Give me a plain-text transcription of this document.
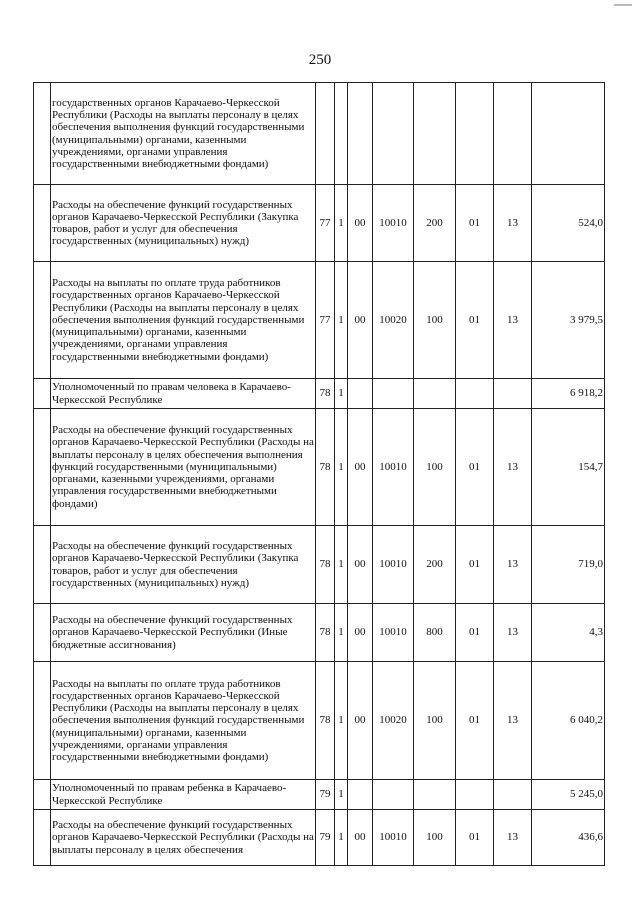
250
	государственных органов Карачаево-Черкесской Республики (Расходы на выплаты персоналу в целях обеспечения выполнения функций государственными (муниципальными) органами, казенными учреждениями, органами управления государственными внебюджетными фондами)								
	Расходы на обеспечение функций государственных органов Карачаево-Черкесской Республики (Закупка товаров, работ и услуг для обеспечения государственных (муниципальных) нужд)	77	1	00	10010	200	01	13	524,0
	Расходы на выплаты по оплате труда работников государственных органов Карачаево-Черкесской Республики (Расходы на выплаты персоналу в целях обеспечения выполнения функций государственными (муниципальными) органами, казенными учреждениями, органами управления государственными внебюджетными фондами)	77	1	00	10020	100	01	13	3 979,5
	Уполномоченный по правам человека в Карачаево-Черкесской Республике	78	1						6 918,2
	Расходы на обеспечение функций государственных органов Карачаево-Черкесской Республики (Расходы на выплаты персоналу в целях обеспечения выполнения функций государственными (муниципальными) органами, казенными учреждениями, органами управления государственными внебюджетными фондами)	78	1	00	10010	100	01	13	154,7
	Расходы на обеспечение функций государственных органов Карачаево-Черкесской Республики (Закупка товаров, работ и услуг для обеспечения государственных (муниципальных) нужд)	78	1	00	10010	200	01	13	719,0
	Расходы на обеспечение функций государственных органов Карачаево-Черкесской Республики (Иные бюджетные ассигнования)	78	1	00	10010	800	01	13	4,3
	Расходы на выплаты по оплате труда работников государственных органов Карачаево-Черкесской Республики (Расходы на выплаты персоналу в целях обеспечения выполнения функций государственными (муниципальными) органами, казенными учреждениями, органами управления государственными внебюджетными фондами)	78	1	00	10020	100	01	13	6 040,2
	Уполномоченный по правам ребенка в Карачаево-Черкесской Республике	79	1						5 245,0
	Расходы на обеспечение функций государственных органов Карачаево-Черкесской Республики (Расходы на выплаты персоналу в целях обеспечения	79	1	00	10010	100	01	13	436,6
